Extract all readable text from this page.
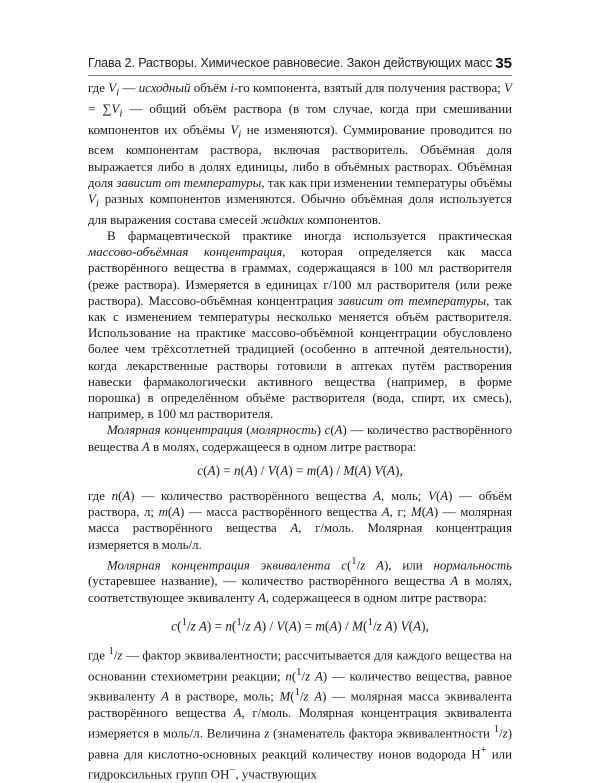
Глава 2. Растворы. Химическое равновесие. Закон действующих масс 35

где $V_i$ — исходный объём i-го компонента, взятый для получения раствора; $V = \sum V_i$ — общий объём раствора (в том случае, когда при смешивании компонентов их объёмы $V_i$ не изменяются). Суммирование проводится по всем компонентам раствора, включая растворитель. Объёмная доля выражается либо в долях единицы, либо в объёмных растворах. Объёмная доля зависит от температуры, так как при изменении температуры объёмы $V_i$ разных компонентов изменяются. Обычно объёмная доля используется для выражения состава смесей жидких компонентов.

В фармацевтической практике иногда используется практическая массово-объёмная концентрация, которая определяется как масса растворённого вещества в граммах, содержащаяся в 100 мл растворителя (реже раствора). Измеряется в единицах г/100 мл растворителя (или реже раствора). Массово-объёмная концентрация зависит от температуры, так как с изменением температуры несколько меняется объём растворителя. Использование на практике массово-объёмной концентрации обусловлено более чем трёхсотлетней традицией (особенно в аптечной деятельности), когда лекарственные растворы готовили в аптеках путём растворения навески фармакологически активного вещества (например, в форме порошка) в определённом объёме растворителя (вода, спирт, их смесь), например, в 100 мл растворителя.

Молярная концентрация (молярность) c(A) — количество растворённого вещества A в молях, содержащееся в одном литре раствора:

c(A) = n(A) / V(A) = m(A) / M(A) V(A),

где n(A) — количество растворённого вещества A, моль; V(A) — объём раствора, л; m(A) — масса растворённого вещества A, г; M(A) — молярная масса растворённого вещества A, г/моль. Молярная концентрация измеряется в моль/л.

Молярная концентрация эквивалента c($^1$/z A), или нормальность (устаревшее название), — количество растворённого вещества A в молях, соответствующее эквиваленту A, содержащееся в одном литре раствора:

c($^1$/z A) = n($^1$/z A) / V(A) = m(A) / M($^1$/z A) V(A),

где $^1$/z — фактор эквивалентности; рассчитывается для каждого вещества на основании стехиометрии реакции; n($^1$/z A) — количество вещества, равное эквиваленту A в растворе, моль; M($^1$/z A) — молярная масса эквивалента растворённого вещества A, г/моль. Молярная концентрация эквивалента измеряется в моль/л. Величина z (знаменатель фактора эквивалентности $^1$/z) равна для кислотно-основных реакций количеству ионов водорода H+ или гидроксильных групп OH−, участвующих
